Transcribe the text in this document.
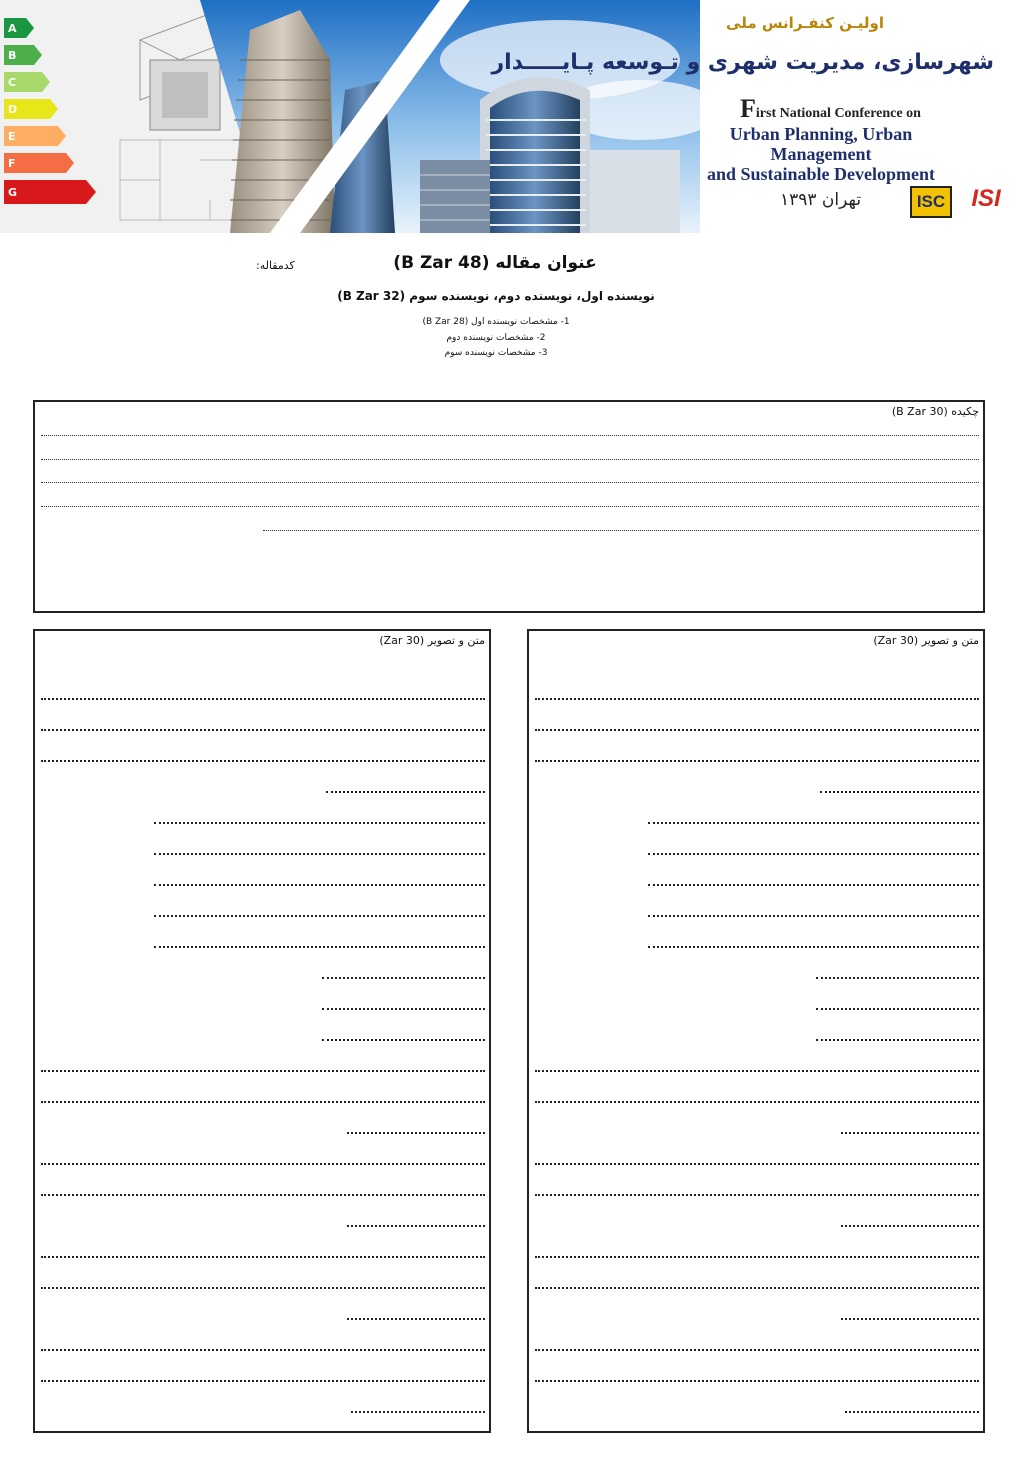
A
B
C
D
E
F
G
اولیـن کنفـرانس ملی
شهرسازی، مدیریت شهری و تـوسعه پـایـــــدار
First National Conference on
Urban Planning, Urban Management
and Sustainable Development
تهران ۱۳۹۳	ISC	ISI
عنوان مقاله (B Zar 48)
کدمقاله:
نویسنده اول، نویسنده دوم، نویسنده سوم (B Zar 32)
1- مشخصات نویسنده اول (B Zar 28)
2- مشخصات نویسنده دوم
3- مشخصات نویسنده سوم
چکیده (B Zar 30)
متن و تصویر (Zar 30)	متن و تصویر (Zar 30)
